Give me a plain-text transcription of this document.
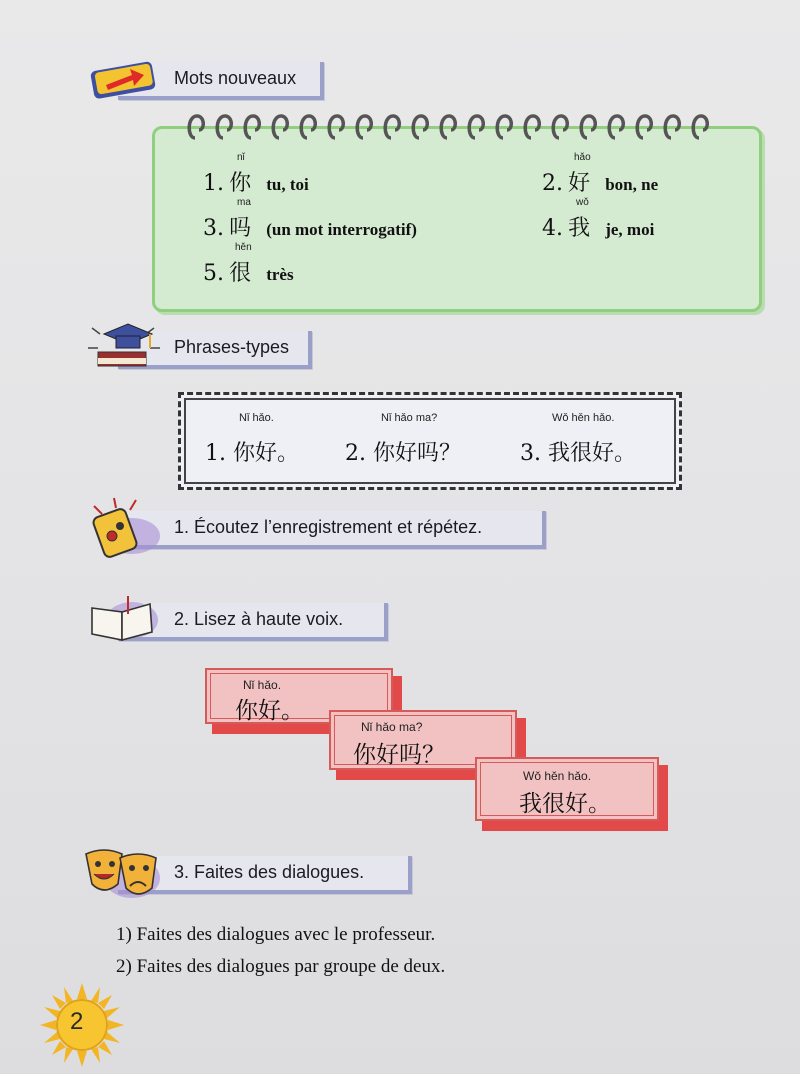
Mots nouveaux
nǐ
1. 你 tu, toi
hǎo
2. 好 bon, ne
ma
3. 吗 (un mot interrogatif)
wǒ
4. 我 je, moi
hěn
5. 很 très
Phrases-types
Nǐ hǎo.
1. 你好。
Nǐ hǎo ma?
2. 你好吗？
Wǒ hěn hǎo.
3. 我很好。
1. Écoutez l’enregistrement et répétez.
2. Lisez à haute voix.
Nǐ hǎo.
你好。
Nǐ hǎo ma?
你好吗？
Wǒ hěn hǎo.
我很好。
3. Faites des dialogues.
1) Faites des dialogues avec le professeur.
2) Faites des dialogues par groupe de deux.
2
